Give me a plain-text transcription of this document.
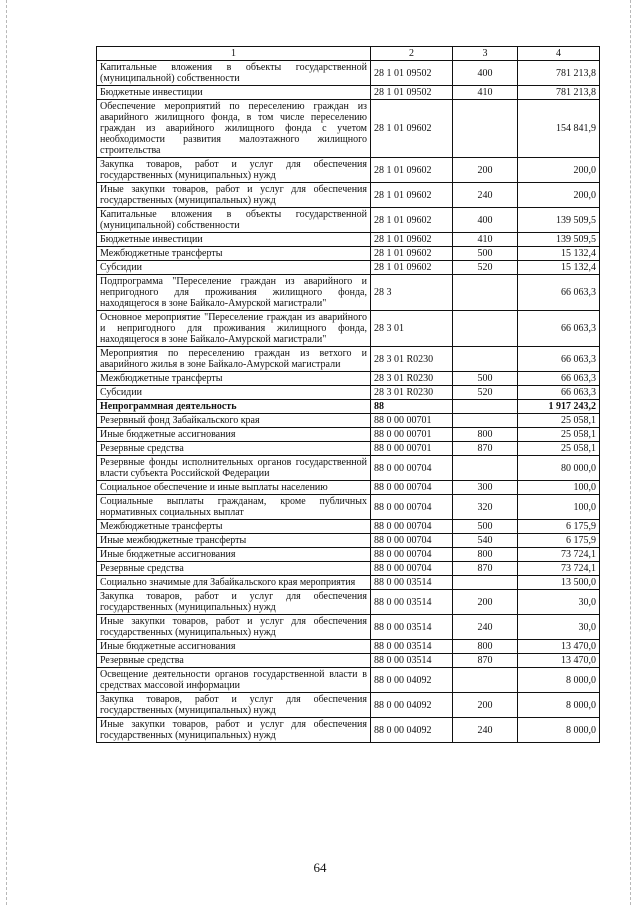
1	2	3	4
Капитальные вложения в объекты государственной (муниципальной) собственности	28 1 01 09502	400	781 213,8
Бюджетные инвестиции	28 1 01 09502	410	781 213,8
Обеспечение мероприятий по переселению граждан из аварийного жилищного фонда, в том числе переселению граждан из аварийного жилищного фонда с учетом необходимости развития малоэтажного жилищного строительства	28 1 01 09602		154 841,9
Закупка товаров, работ и услуг для обеспечения государственных (муниципальных) нужд	28 1 01 09602	200	200,0
Иные закупки товаров, работ и услуг для обеспечения государственных (муниципальных) нужд	28 1 01 09602	240	200,0
Капитальные вложения в объекты государственной (муниципальной) собственности	28 1 01 09602	400	139 509,5
Бюджетные инвестиции	28 1 01 09602	410	139 509,5
Межбюджетные трансферты	28 1 01 09602	500	15 132,4
Субсидии	28 1 01 09602	520	15 132,4
Подпрограмма "Переселение граждан из аварийного и непригодного для проживания жилищного фонда, находящегося в зоне Байкало-Амурской магистрали"	28 3		66 063,3
Основное мероприятие "Переселение граждан из аварийного и непригодного для проживания жилищного фонда, находящегося в зоне Байкало-Амурской магистрали"	28 3 01		66 063,3
Мероприятия по переселению граждан из ветхого и аварийного жилья в зоне Байкало-Амурской магистрали	28 3 01 R0230		66 063,3
Межбюджетные трансферты	28 3 01 R0230	500	66 063,3
Субсидии	28 3 01 R0230	520	66 063,3
Непрограммная деятельность	88		1 917 243,2
Резервный фонд Забайкальского края	88 0 00 00701		25 058,1
Иные бюджетные ассигнования	88 0 00 00701	800	25 058,1
Резервные средства	88 0 00 00701	870	25 058,1
Резервные фонды исполнительных органов государственной власти субъекта Российской Федерации	88 0 00 00704		80 000,0
Социальное обеспечение и иные выплаты населению	88 0 00 00704	300	100,0
Социальные выплаты гражданам, кроме публичных нормативных социальных выплат	88 0 00 00704	320	100,0
Межбюджетные трансферты	88 0 00 00704	500	6 175,9
Иные межбюджетные трансферты	88 0 00 00704	540	6 175,9
Иные бюджетные ассигнования	88 0 00 00704	800	73 724,1
Резервные средства	88 0 00 00704	870	73 724,1
Социально значимые для Забайкальского края мероприятия	88 0 00 03514		13 500,0
Закупка товаров, работ и услуг для обеспечения государственных (муниципальных) нужд	88 0 00 03514	200	30,0
Иные закупки товаров, работ и услуг для обеспечения государственных (муниципальных) нужд	88 0 00 03514	240	30,0
Иные бюджетные ассигнования	88 0 00 03514	800	13 470,0
Резервные средства	88 0 00 03514	870	13 470,0
Освещение деятельности органов государственной власти в средствах массовой информации	88 0 00 04092		8 000,0
Закупка товаров, работ и услуг для обеспечения государственных (муниципальных) нужд	88 0 00 04092	200	8 000,0
Иные закупки товаров, работ и услуг для обеспечения государственных (муниципальных) нужд	88 0 00 04092	240	8 000,0
64
